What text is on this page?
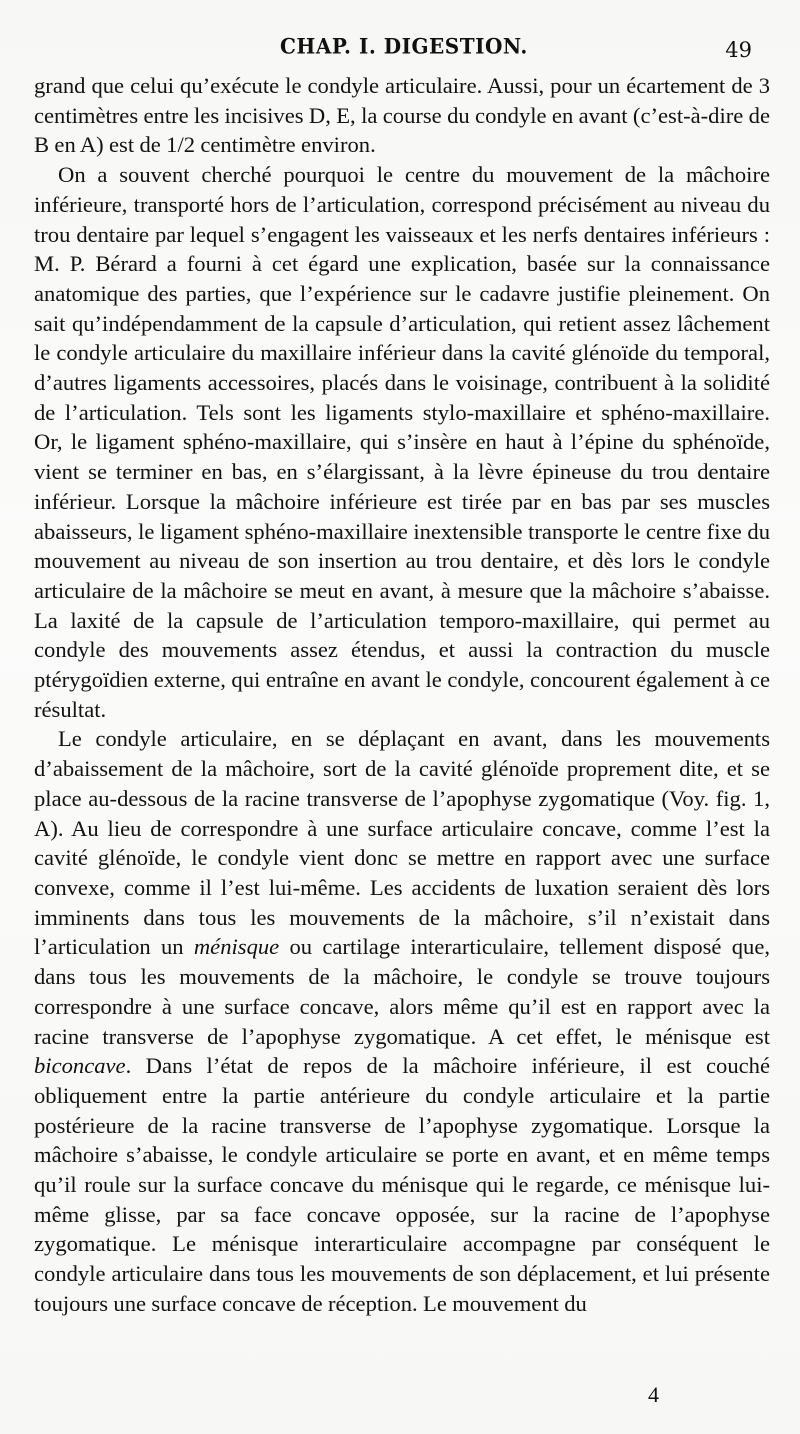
CHAP. I. DIGESTION.	49
grand que celui qu’exécute le condyle articulaire. Aussi, pour un écartement de 3 centimètres entre les incisives D, E, la course du condyle en avant (c’est-à-dire de B en A) est de 1/2 centimètre environ.
On a souvent cherché pourquoi le centre du mouvement de la mâchoire inférieure, transporté hors de l’articulation, correspond précisément au niveau du trou dentaire par lequel s’engagent les vaisseaux et les nerfs dentaires inférieurs : M. P. Bérard a fourni à cet égard une explication, basée sur la connaissance anatomique des parties, que l’expérience sur le cadavre justifie pleinement. On sait qu’indépendamment de la capsule d’articulation, qui retient assez lâchement le condyle articulaire du maxillaire inférieur dans la cavité glénoïde du temporal, d’autres ligaments accessoires, placés dans le voisinage, contribuent à la solidité de l’articulation. Tels sont les ligaments stylo-maxillaire et sphéno-maxillaire. Or, le ligament sphéno-maxillaire, qui s’insère en haut à l’épine du sphénoïde, vient se terminer en bas, en s’élargissant, à la lèvre épineuse du trou dentaire inférieur. Lorsque la mâchoire inférieure est tirée par en bas par ses muscles abaisseurs, le ligament sphéno-maxillaire inextensible transporte le centre fixe du mouvement au niveau de son insertion au trou dentaire, et dès lors le condyle articulaire de la mâchoire se meut en avant, à mesure que la mâchoire s’abaisse. La laxité de la capsule de l’articulation temporo-maxillaire, qui permet au condyle des mouvements assez étendus, et aussi la contraction du muscle ptérygoïdien externe, qui entraîne en avant le condyle, concourent également à ce résultat.
Le condyle articulaire, en se déplaçant en avant, dans les mouvements d’abaissement de la mâchoire, sort de la cavité glénoïde proprement dite, et se place au-dessous de la racine transverse de l’apophyse zygomatique (Voy. fig. 1, A). Au lieu de correspondre à une surface articulaire concave, comme l’est la cavité glénoïde, le condyle vient donc se mettre en rapport avec une surface convexe, comme il l’est lui-même. Les accidents de luxation seraient dès lors imminents dans tous les mouvements de la mâchoire, s’il n’existait dans l’articulation un ménisque ou cartilage interarticulaire, tellement disposé que, dans tous les mouvements de la mâchoire, le condyle se trouve toujours correspondre à une surface concave, alors même qu’il est en rapport avec la racine transverse de l’apophyse zygomatique. A cet effet, le ménisque est biconcave. Dans l’état de repos de la mâchoire inférieure, il est couché obliquement entre la partie antérieure du condyle articulaire et la partie postérieure de la racine transverse de l’apophyse zygomatique. Lorsque la mâchoire s’abaisse, le condyle articulaire se porte en avant, et en même temps qu’il roule sur la surface concave du ménisque qui le regarde, ce ménisque lui-même glisse, par sa face concave opposée, sur la racine de l’apophyse zygomatique. Le ménisque interarticulaire accompagne par conséquent le condyle articulaire dans tous les mouvements de son déplacement, et lui présente toujours une surface concave de réception. Le mouvement du
4
